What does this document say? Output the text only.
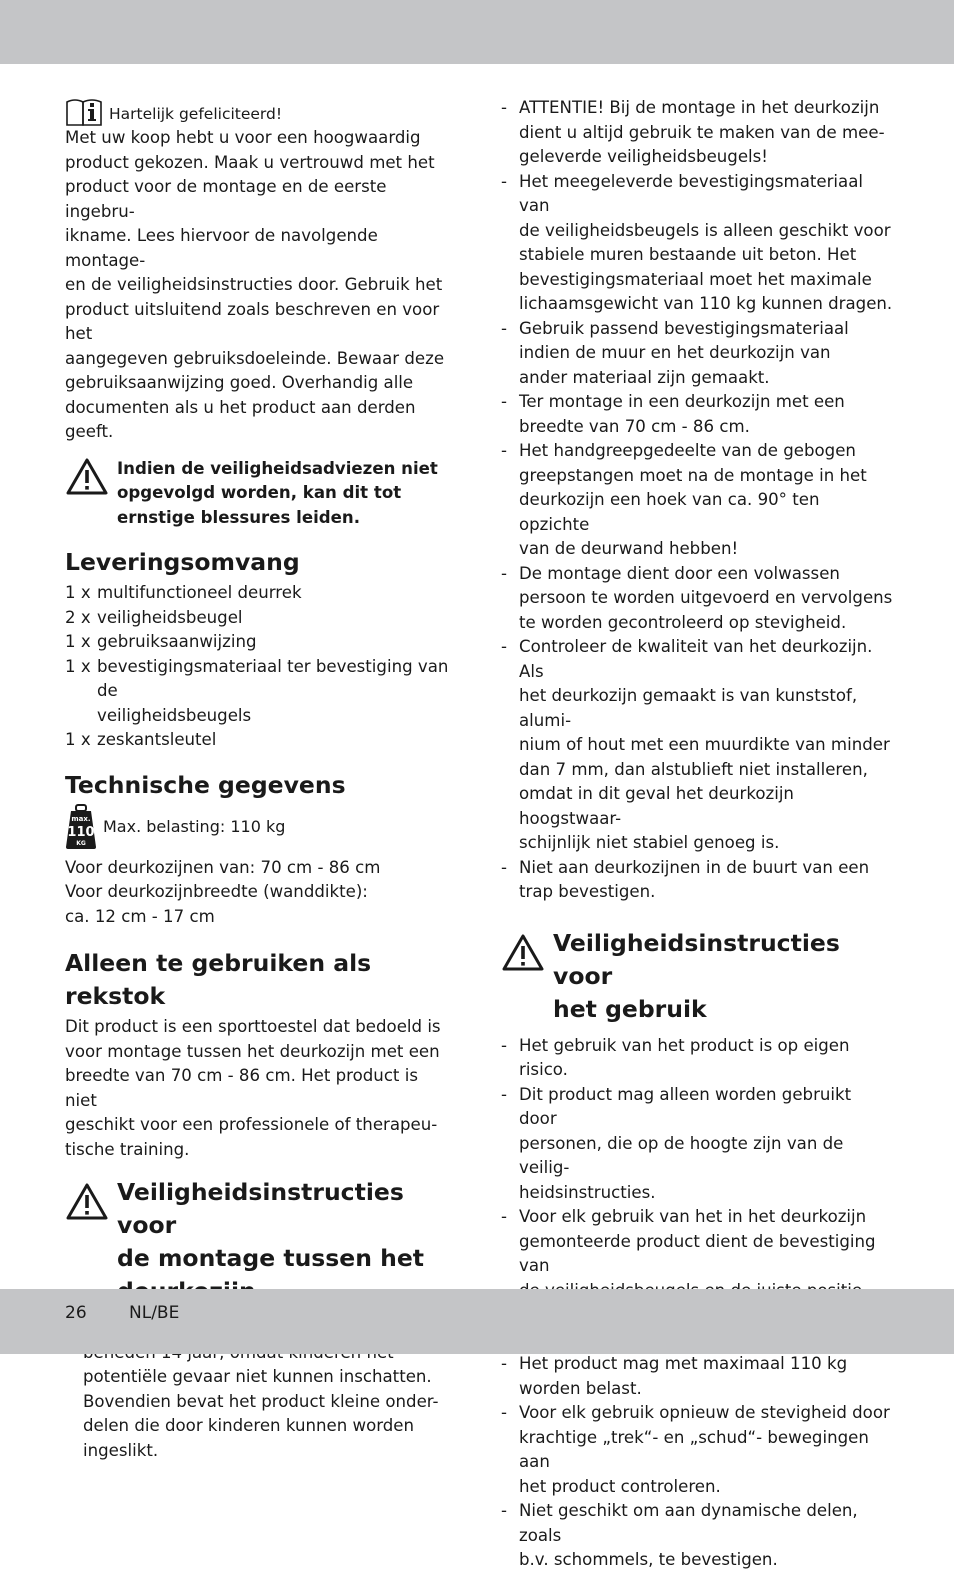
Hartelijk gefeliciteerd!

Met uw koop hebt u voor een hoogwaardig

product gekozen. Maak u vertrouwd met het

product voor de montage en de eerste ingebru-

ikname. Lees hiervoor de navolgende montage-

en de veiligheidsinstructies door. Gebruik het

product uitsluitend zoals beschreven en voor het

aangegeven gebruiksdoeleinde. Bewaar deze

gebruiksaanwijzing goed. Overhandig alle

documenten als u het product aan derden geeft.

Indien de veiligheidsadviezen niet
opgevolgd worden, kan dit tot
ernstige blessures leiden.
Leveringsomvang
1 x multifunctioneel deurrek
2 x veiligheidsbeugel
1 x gebruiksaanwijzing
1 x bevestigingsmateriaal ter bevestiging van de
veiligheidsbeugels
1 x zeskantsleutel
Technische gegevens
max.
110
KG
Max. belasting: 110 kg

Voor deurkozijnen van: 70 cm - 86 cm

Voor deurkozijnbreedte (wanddikte):

ca. 12 cm - 17 cm

Alleen te gebruiken als
rekstok

Dit product is een sporttoestel dat bedoeld is

voor montage tussen het deurkozijn met een

breedte van 70 cm - 86 cm. Het product is niet

geschikt voor een professionele of therapeu-

tische training.

Veiligheidsinstructies voor
de montage tussen het
- potentiële gevaar niet kunnen inschatten.
Bovendien bevat het product kleine onder-
delen die door kinderen kunnen worden
ingeslikt.
- ATTENTIE! Bij de montage in het deurkozijn
dient u altijd gebruik te maken van de mee-
geleverde veiligheidsbeugels!
- Het meegeleverde bevestigingsmateriaal van
de veiligheidsbeugels is alleen geschikt voor
stabiele muren bestaande uit beton. Het
bevestigingsmateriaal moet het maximale
lichaamsgewicht van 110 kg kunnen dragen.
- Gebruik passend bevestigingsmateriaal
indien de muur en het deurkozijn van
ander materiaal zijn gemaakt.
- Ter montage in een deurkozijn met een
breedte van 70 cm - 86 cm.
- Het handgreepgedeelte van de gebogen
greepstangen moet na de montage in het
deurkozijn een hoek van ca. 90° ten opzichte
van de deurwand hebben!
- De montage dient door een volwassen
persoon te worden uitgevoerd en vervolgens
te worden gecontroleerd op stevigheid.
- Controleer de kwaliteit van het deurkozijn. Als
het deurkozijn gemaakt is van kunststof, alumi-
nium of hout met een muurdikte van minder
dan 7 mm, dan alstublieft niet installeren,
omdat in dit geval het deurkozijn hoogstwaar-
schijnlijk niet stabiel genoeg is.
- Niet aan deurkozijnen in de buurt van een
trap bevestigen.
Veiligheidsinstructies voor
het gebruik
- Het gebruik van het product is op eigen risico.
- Dit product mag alleen worden gebruikt door
personen, die op de hoogte zijn van de veilig-
heidsinstructies.
- Voor elk gebruik van het in het deurkozijn
gemonteerde product dient de bevestiging van
- Het product mag met maximaal 110 kg
worden belast.
- Voor elk gebruik opnieuw de stevigheid door
krachtige „trek“- en „schud“- bewegingen aan
het product controleren.
- Niet geschikt om aan dynamische delen, zoals
b.v. schommels, te bevestigen.
26 NL/BE
